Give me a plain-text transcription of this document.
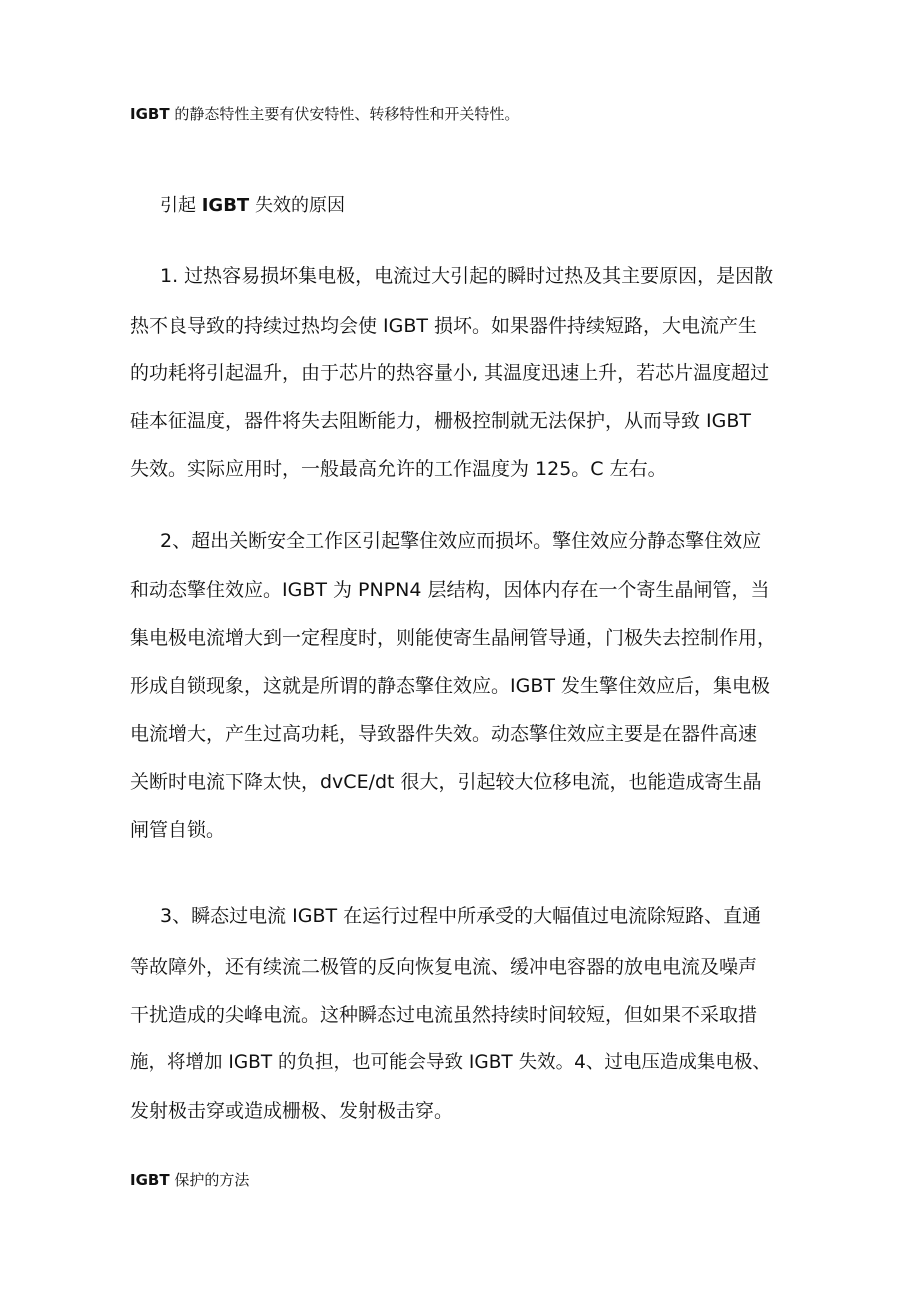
IGBT 的静态特性主要有伏安特性、转移特性和开关特性。

引起 IGBT 失效的原因

1. 过热容易损坏集电极，电流过大引起的瞬时过热及其主要原因，是因散

热不良导致的持续过热均会使 IGBT 损坏。如果器件持续短路，大电流产生

的功耗将引起温升，由于芯片的热容量小, 其温度迅速上升，若芯片温度超过

硅本征温度，器件将失去阻断能力，栅极控制就无法保护，从而导致 IGBT

失效。实际应用时，一般最高允许的工作温度为 125。C 左右。

2、超出关断安全工作区引起擎住效应而损坏。擎住效应分静态擎住效应

和动态擎住效应。IGBT 为 PNPN4 层结构，因体内存在一个寄生晶闸管，当

集电极电流增大到一定程度时，则能使寄生晶闸管导通，门极失去控制作用，

形成自锁现象，这就是所谓的静态擎住效应。IGBT 发生擎住效应后，集电极

电流增大，产生过高功耗，导致器件失效。动态擎住效应主要是在器件高速

关断时电流下降太快，dvCE/dt 很大，引起较大位移电流，也能造成寄生晶

闸管自锁。

3、瞬态过电流 IGBT 在运行过程中所承受的大幅值过电流除短路、直通

等故障外，还有续流二极管的反向恢复电流、缓冲电容器的放电电流及噪声

干扰造成的尖峰电流。这种瞬态过电流虽然持续时间较短，但如果不采取措

施，将增加 IGBT 的负担，也可能会导致 IGBT 失效。4、过电压造成集电极、

发射极击穿或造成栅极、发射极击穿。

IGBT 保护的方法
